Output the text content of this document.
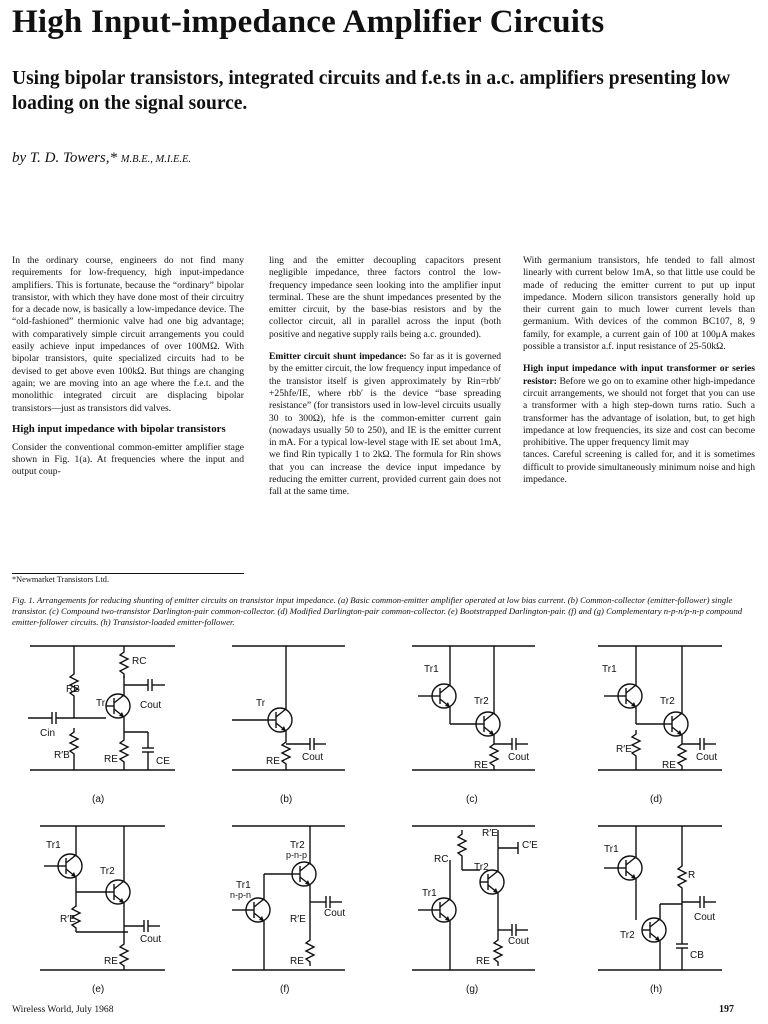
High Input-impedance Amplifier Circuits
Using bipolar transistors, integrated circuits and f.e.ts in a.c. amplifiers presenting low loading on the signal source.
by T. D. Towers,* M.B.E., M.I.E.E.

In the ordinary course, engineers do not find many requirements for low-frequency, high input-impedance amplifiers. This is fortunate, because the “ordinary” bipolar transistor, with which they have done most of their circuitry for a decade now, is basically a low-impedance device. The “old-fashioned” thermionic valve had one big advantage; with comparatively simple circuit arrangements you could easily achieve input impedances of over 100MΩ. With bipolar transistors, quite specialized circuits had to be devised to get above even 100kΩ. But things are changing again; we are moving into an age where the f.e.t. and the monolithic integrated circuit are displacing bipolar transistors—just as transistors did valves.

High input impedance with bipolar transistors

Consider the conventional common-emitter amplifier stage shown in Fig. 1(a). At frequencies where the input and output coup-

*Newmarket Transistors Ltd.

ling and the emitter decoupling capacitors present negligible impedance, three factors control the low-frequency impedance seen looking into the amplifier input terminal. These are the shunt impedances presented by the emitter circuit, by the base-bias resistors and by the collector circuit, all in parallel across the input (both positive and negative supply rails being a.c. grounded).

Emitter circuit shunt impedance: So far as it is governed by the emitter circuit, the low frequency input impedance of the transistor itself is given approximately by Rin=rbb′+25hfe/IE, where rbb′ is the device “base spreading resistance” (for transistors used in low-level circuits usually 30 to 300Ω), hfe is the common-emitter current gain (nowadays usually 50 to 250), and IE is the emitter current in mA. For a typical low-level stage with IE set about 1mA, we find Rin typically 1 to 2kΩ. The formula for Rin shows that you can increase the device input impedance by reducing the emitter current, provided current gain does not fall at the same time.

With germanium transistors, hfe tended to fall almost linearly with current below 1mA, so that little use could be made of reducing the emitter current to put up input impedance. Modern silicon transistors generally hold up their current gain to much lower current levels than germanium. With devices of the common BC107, 8, 9 family, for example, a current gain of 100 at 100μA makes possible a transistor a.f. input resistance of 25-50kΩ.

High input impedance with input transformer or series resistor: Before we go on to examine other high-impedance circuit arrangements, we should not forget that you can use a transformer with a high step-down turns ratio. Such a transformer has the advantage of isolation, but, to get high impedance at low frequencies, its size and cost can become prohibitive. The upper frequency limit may

tances. Careful screening is called for, and it is sometimes difficult to provide simultaneously minimum noise and high impedance.

Fig. 1. Arrangements for reducing shunting of emitter circuits on transistor input impedance. (a) Basic common-emitter amplifier operated at low bias current. (b) Common-collector (emitter-follower) single transistor. (c) Compound two-transistor Darlington-pair common-collector. (d) Modified Darlington-pair common-collector. (e) Bootstrapped Darlington-pair. (f) and (g) Complementary n-p-n/p-n-p compound emitter-follower circuits. (h) Transistor-loaded emitter-follower.
RB
R′B
RC
Cin
Cout
Tr
RE	CE
(a)
Tr
RE Cout
(b)
Tr1
Tr2
RE
Cout
(c)
Tr1
Tr2
R′E
RE
Cout
(d)
Tr1
Tr2
R′E
RE
Cout
(e)
Tr2
p-n-p
Tr1
n-p-n
R′E
RE
Cout
(f)
R′E
C′E
RC
Tr2
Tr1
RE
Cout
(g)
Tr1
R
Cout
Tr2
CB
(h)
Wireless World, July 1968	197
